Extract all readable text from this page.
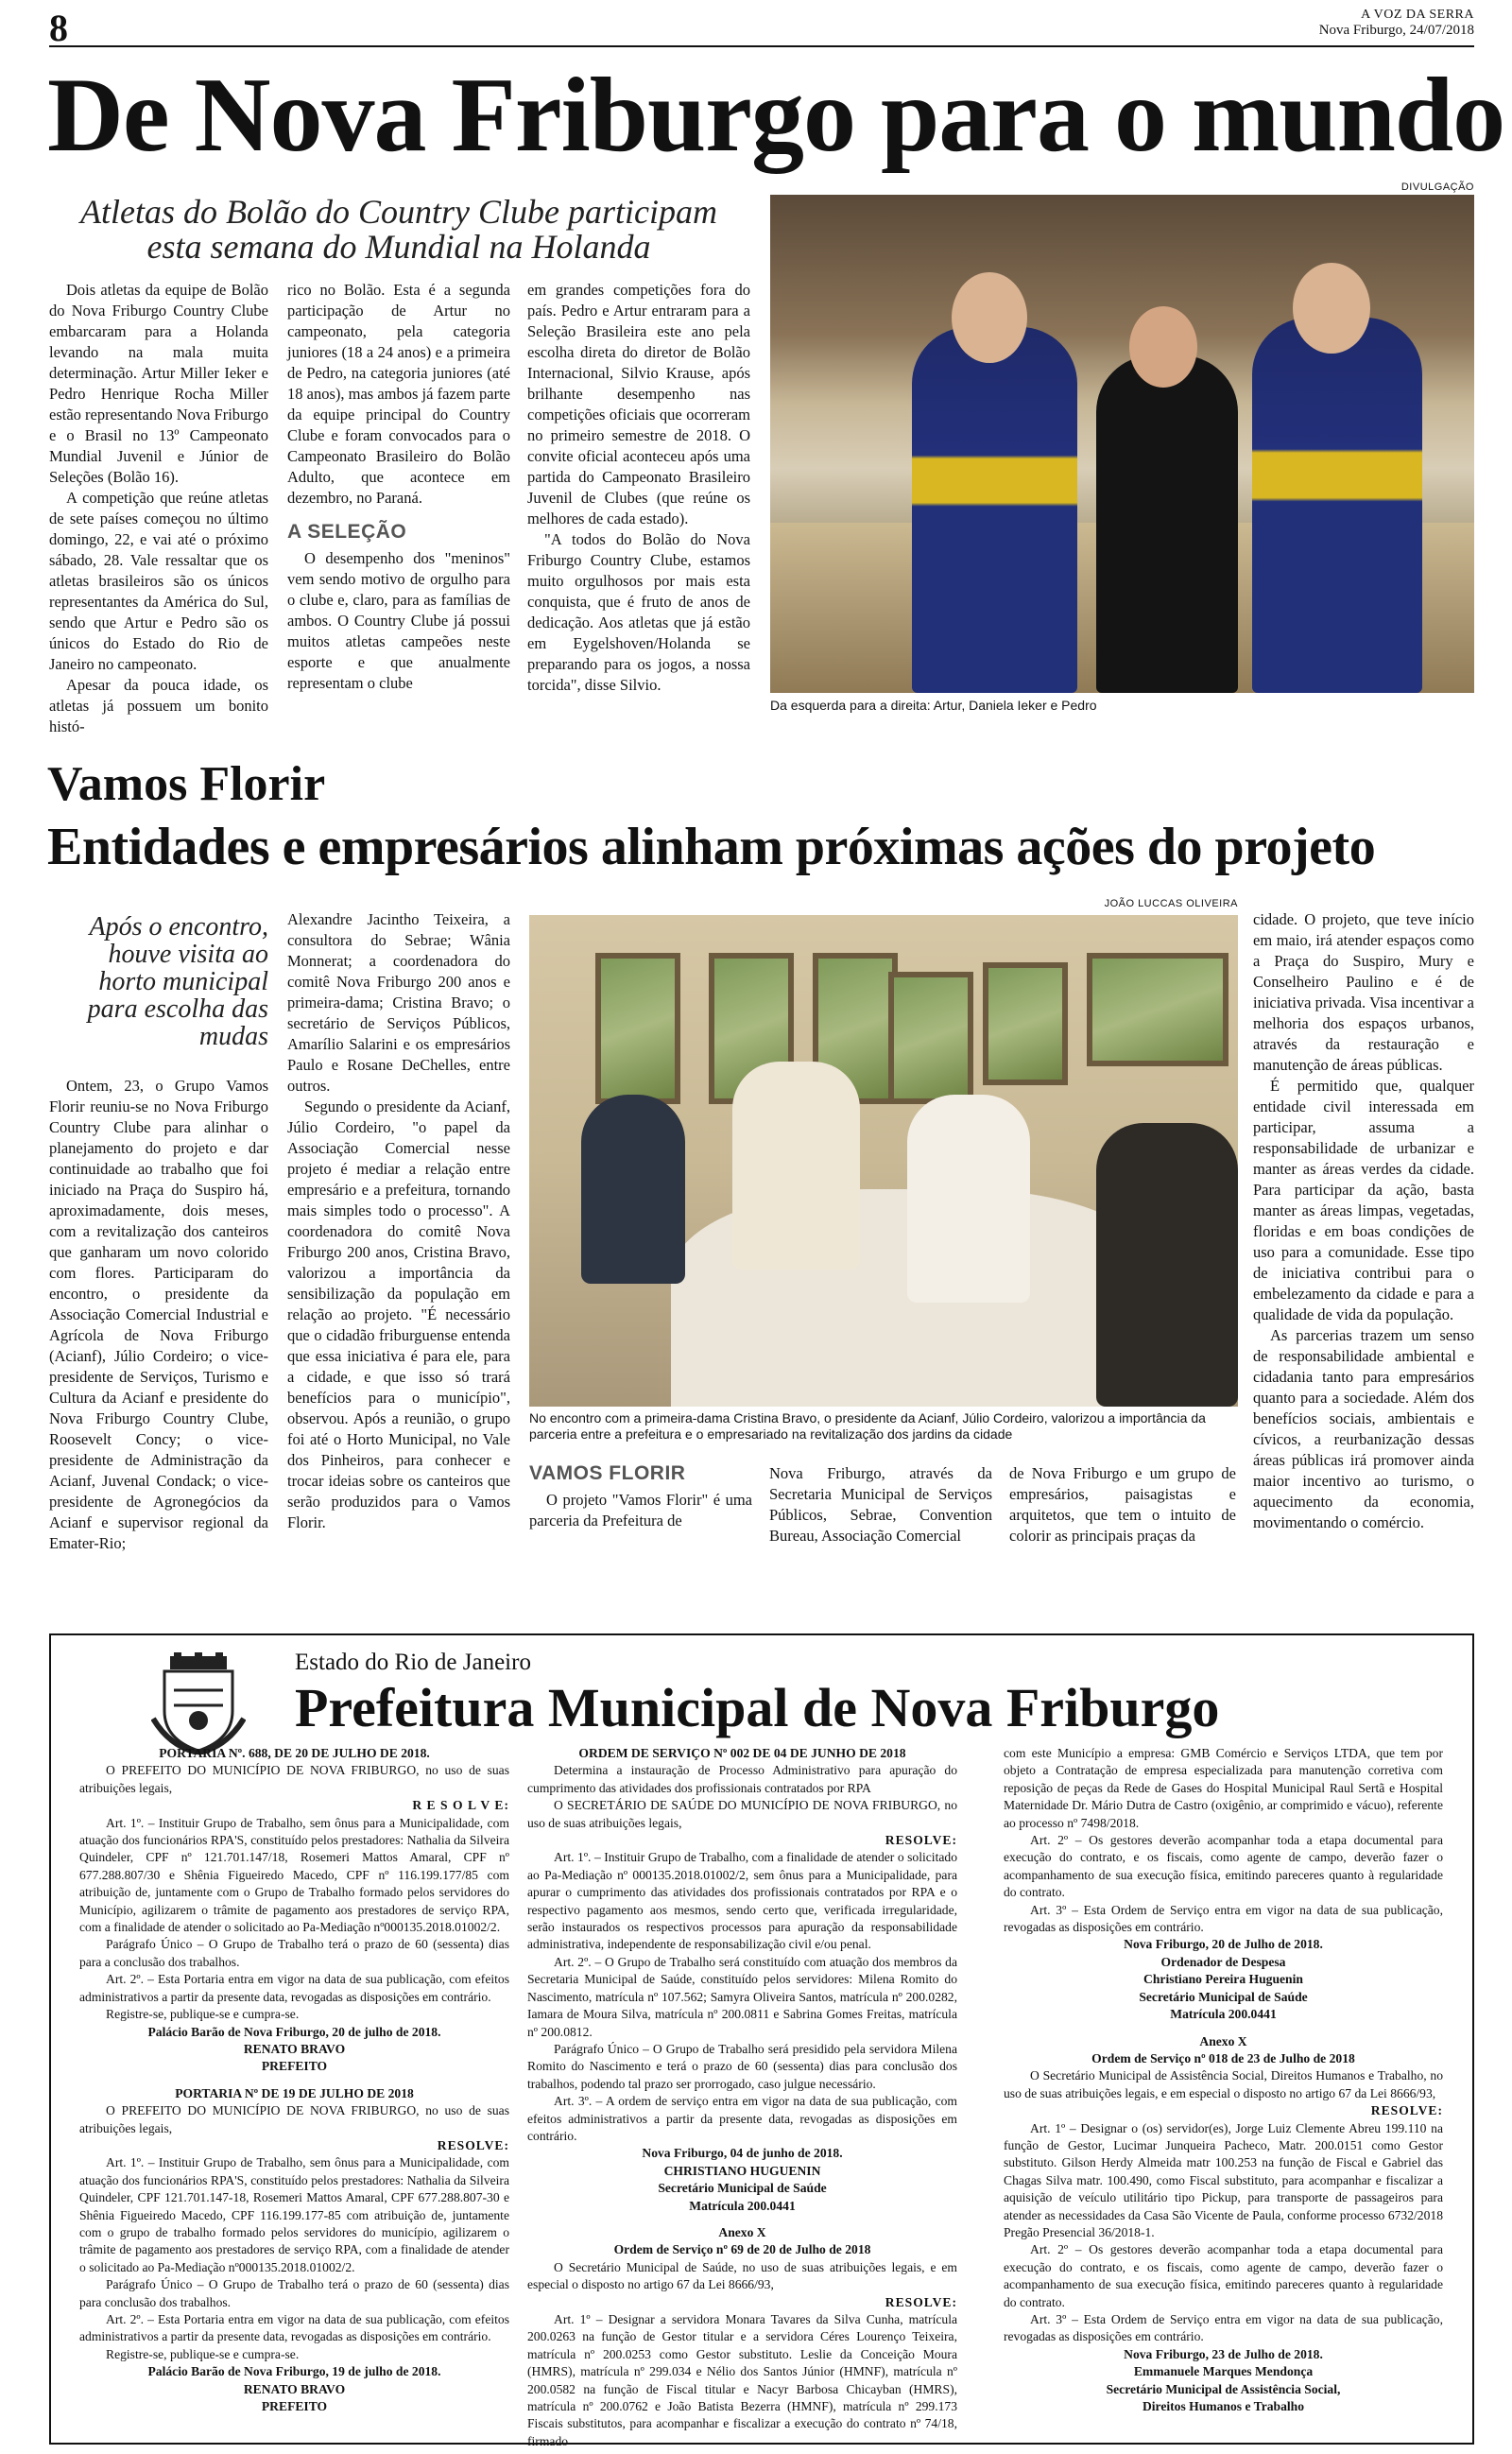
8	A VOZ DA SERRA
Nova Friburgo, 24/07/2018
De Nova Friburgo para o mundo
DIVULGAÇÃO
Atletas do Bolão do Country Clube participam esta semana do Mundial na Holanda

Dois atletas da equipe de Bolão do Nova Friburgo Country Clube embarcaram para a Holanda levando na mala muita determinação. Artur Miller Ieker e Pedro Henrique Rocha Miller estão representando Nova Friburgo e o Brasil no 13º Campeonato Mundial Juvenil e Júnior de Seleções (Bolão 16).

A competição que reúne atletas de sete países começou no último domingo, 22, e vai até o próximo sábado, 28. Vale ressaltar que os atletas brasileiros são os únicos representantes da América do Sul, sendo que Artur e Pedro são os únicos do Estado do Rio de Janeiro no campeonato.

Apesar da pouca idade, os atletas já possuem um bonito histó-

rico no Bolão. Esta é a segunda participação de Artur no campeonato, pela categoria juniores (18 a 24 anos) e a primeira de Pedro, na categoria juniores (até 18 anos), mas ambos já fazem parte da equipe principal do Country Clube e foram convocados para o Campeonato Brasileiro do Bolão Adulto, que acontece em dezembro, no Paraná.

A SELEÇÃO

O desempenho dos "meninos" vem sendo motivo de orgulho para o clube e, claro, para as famílias de ambos. O Country Clube já possui muitos atletas campeões neste esporte e que anualmente representam o clube

em grandes competições fora do país. Pedro e Artur entraram para a Seleção Brasileira este ano pela escolha direta do diretor de Bolão Internacional, Silvio Krause, após brilhante desempenho nas competições oficiais que ocorreram no primeiro semestre de 2018. O convite oficial aconteceu após uma partida do Campeonato Brasileiro Juvenil de Clubes (que reúne os melhores de cada estado).

"A todos do Bolão do Nova Friburgo Country Clube, estamos muito orgulhosos por mais esta conquista, que é fruto de anos de dedicação. Aos atletas que já estão em Eygelshoven/Holanda se preparando para os jogos, a nossa torcida", disse Silvio.

Da esquerda para a direita: Artur, Daniela Ieker e Pedro
Vamos Florir
Entidades e empresários alinham próximas ações do projeto
JOÃO LUCCAS OLIVEIRA
Após o encontro, houve visita ao horto municipal para escolha das mudas

Ontem, 23, o Grupo Vamos Florir reuniu-se no Nova Friburgo Country Clube para alinhar o planejamento do projeto e dar continuidade ao trabalho que foi iniciado na Praça do Suspiro há, aproximadamente, dois meses, com a revitalização dos canteiros que ganharam um novo colorido com flores. Participaram do encontro, o presidente da Associação Comercial Industrial e Agrícola de Nova Friburgo (Acianf), Júlio Cordeiro; o vice-presidente de Serviços, Turismo e Cultura da Acianf e presidente do Nova Friburgo Country Clube, Roosevelt Concy; o vice-presidente de Administração da Acianf, Juvenal Condack; o vice-presidente de Agronegócios da Acianf e supervisor regional da Emater-Rio;

Alexandre Jacintho Teixeira, a consultora do Sebrae; Wânia Monnerat; a coordenadora do comitê Nova Friburgo 200 anos e primeira-dama; Cristina Bravo; o secretário de Serviços Públicos, Amarílio Salarini e os empresários Paulo e Rosane DeChelles, entre outros.

Segundo o presidente da Acianf, Júlio Cordeiro, "o papel da Associação Comercial nesse projeto é mediar a relação entre empresário e a prefeitura, tornando mais simples todo o processo". A coordenadora do comitê Nova Friburgo 200 anos, Cristina Bravo, valorizou a importância da sensibilização da população em relação ao projeto. "É necessário que o cidadão friburguense entenda que essa iniciativa é para ele, para a cidade, e que isso só trará benefícios para o município", observou. Após a reunião, o grupo foi até o Horto Municipal, no Vale dos Pinheiros, para conhecer e trocar ideias sobre os canteiros que serão produzidos para o Vamos Florir.

No encontro com a primeira-dama Cristina Bravo, o presidente da Acianf, Júlio Cordeiro, valorizou a importância da parceria entre a prefeitura e o empresariado na revitalização dos jardins da cidade
VAMOS FLORIR

O projeto "Vamos Florir" é uma parceria da Prefeitura de

Nova Friburgo, através da Secretaria Municipal de Serviços Públicos, Sebrae, Convention Bureau, Associação Comercial

de Nova Friburgo e um grupo de empresários, paisagistas e arquitetos, que tem o intuito de colorir as principais praças da

cidade. O projeto, que teve início em maio, irá atender espaços como a Praça do Suspiro, Mury e Conselheiro Paulino e é de iniciativa privada. Visa incentivar a melhoria dos espaços urbanos, através da restauração e manutenção de áreas públicas.

É permitido que, qualquer entidade civil interessada em participar, assuma a responsabilidade de urbanizar e manter as áreas verdes da cidade. Para participar da ação, basta manter as áreas limpas, vegetadas, floridas e em boas condições de uso para a comunidade. Esse tipo de iniciativa contribui para o embelezamento da cidade e para a qualidade de vida da população.

As parcerias trazem um senso de responsabilidade ambiental e cidadania tanto para empresários quanto para a sociedade. Além dos benefícios sociais, ambientais e cívicos, a reurbanização dessas áreas públicas irá promover ainda maior incentivo ao turismo, o aquecimento da economia, movimentando o comércio.

Estado do Rio de Janeiro
Prefeitura Municipal de Nova Friburgo

PORTARIA Nº. 688, DE 20 DE JULHO DE 2018.

O PREFEITO DO MUNICÍPIO DE NOVA FRIBURGO, no uso de suas atribuições legais,

R E S O L V E:

Art. 1º. – Instituir Grupo de Trabalho, sem ônus para a Municipalidade, com atuação dos funcionários RPA'S, constituído pelos prestadores: Nathalia da Silveira Quindeler, CPF nº 121.701.147/18, Rosemeri Mattos Amaral, CPF nº 677.288.807/30 e Shênia Figueiredo Macedo, CPF nº 116.199.177/85 com atribuição de, juntamente com o Grupo de Trabalho formado pelos servidores do Município, agilizarem o trâmite de pagamento aos prestadores de serviço RPA, com a finalidade de atender o solicitado ao Pa-Mediação nº000135.2018.01002/2.

Parágrafo Único – O Grupo de Trabalho terá o prazo de 60 (sessenta) dias para a conclusão dos trabalhos.

Art. 2º. – Esta Portaria entra em vigor na data de sua publicação, com efeitos administrativos a partir da presente data, revogadas as disposições em contrário.

Registre-se, publique-se e cumpra-se.

Palácio Barão de Nova Friburgo, 20 de julho de 2018.

RENATO BRAVO

PREFEITO

PORTARIA Nº DE 19 DE JULHO DE 2018

O PREFEITO DO MUNICÍPIO DE NOVA FRIBURGO, no uso de suas atribuições legais,

RESOLVE:

Art. 1º. – Instituir Grupo de Trabalho, sem ônus para a Municipalidade, com atuação dos funcionários RPA'S, constituído pelos prestadores: Nathalia da Silveira Quindeler, CPF 121.701.147-18, Rosemeri Mattos Amaral, CPF 677.288.807-30 e Shênia Figueiredo Macedo, CPF 116.199.177-85 com atribuição de, juntamente com o grupo de trabalho formado pelos servidores do município, agilizarem o trâmite de pagamento aos prestadores de serviço RPA, com a finalidade de atender o solicitado ao Pa-Mediação nº000135.2018.01002/2.

Parágrafo Único – O Grupo de Trabalho terá o prazo de 60 (sessenta) dias para conclusão dos trabalhos.

Art. 2º. – Esta Portaria entra em vigor na data de sua publicação, com efeitos administrativos a partir da presente data, revogadas as disposições em contrário.

Registre-se, publique-se e cumpra-se.

Palácio Barão de Nova Friburgo, 19 de julho de 2018.

RENATO BRAVO

PREFEITO

ORDEM DE SERVIÇO Nº 002 DE 04 DE JUNHO DE 2018

Determina a instauração de Processo Administrativo para apuração do cumprimento das atividades dos profissionais contratados por RPA

O SECRETÁRIO DE SAÚDE DO MUNICÍPIO DE NOVA FRIBURGO, no uso de suas atribuições legais,

RESOLVE:

Art. 1º. – Instituir Grupo de Trabalho, com a finalidade de atender o solicitado ao Pa-Mediação nº 000135.2018.01002/2, sem ônus para a Municipalidade, para apurar o cumprimento das atividades dos profissionais contratados por RPA e o respectivo pagamento aos mesmos, sendo certo que, verificada irregularidade, serão instaurados os respectivos processos para apuração da responsabilidade administrativa, independente de responsabilização civil e/ou penal.

Art. 2º. – O Grupo de Trabalho será constituído com atuação dos membros da Secretaria Municipal de Saúde, constituído pelos servidores: Milena Romito do Nascimento, matrícula nº 107.562; Samyra Oliveira Santos, matrícula nº 200.0282, Iamara de Moura Silva, matrícula nº 200.0811 e Sabrina Gomes Freitas, matrícula nº 200.0812.

Parágrafo Único – O Grupo de Trabalho será presidido pela servidora Milena Romito do Nascimento e terá o prazo de 60 (sessenta) dias para conclusão dos trabalhos, podendo tal prazo ser prorrogado, caso julgue necessário.

Art. 3º. – A ordem de serviço entra em vigor na data de sua publicação, com efeitos administrativos a partir da presente data, revogadas as disposições em contrário.

Nova Friburgo, 04 de junho de 2018.

CHRISTIANO HUGUENIN

Secretário Municipal de Saúde

Matrícula 200.0441

Anexo X

Ordem de Serviço nº 69 de 20 de Julho de 2018

O Secretário Municipal de Saúde, no uso de suas atribuições legais, e em especial o disposto no artigo 67 da Lei 8666/93,

RESOLVE:

Art. 1º – Designar a servidora Monara Tavares da Silva Cunha, matrícula 200.0263 na função de Gestor titular e a servidora Céres Lourenço Teixeira, matrícula nº 200.0253 como Gestor substituto. Leslie da Conceição Moura (HMRS), matrícula nº 299.034 e Nélio dos Santos Júnior (HMNF), matrícula nº 200.0582 na função de Fiscal titular e Nacyr Barbosa Chicayban (HMRS), matrícula nº 200.0762 e João Batista Bezerra (HMNF), matrícula nº 299.173 Fiscais substitutos, para acompanhar e fiscalizar a execução do contrato nº 74/18, firmado

com este Município a empresa: GMB Comércio e Serviços LTDA, que tem por objeto a Contratação de empresa especializada para manutenção corretiva com reposição de peças da Rede de Gases do Hospital Municipal Raul Sertã e Hospital Maternidade Dr. Mário Dutra de Castro (oxigênio, ar comprimido e vácuo), referente ao processo nº 7498/2018.

Art. 2º – Os gestores deverão acompanhar toda a etapa documental para execução do contrato, e os fiscais, como agente de campo, deverão fazer o acompanhamento de sua execução física, emitindo pareceres quanto à regularidade do contrato.

Art. 3º – Esta Ordem de Serviço entra em vigor na data de sua publicação, revogadas as disposições em contrário.

Nova Friburgo, 20 de Julho de 2018.

Ordenador de Despesa

Christiano Pereira Huguenin

Secretário Municipal de Saúde

Matrícula 200.0441

Anexo X

Ordem de Serviço nº 018 de 23 de Julho de 2018

O Secretário Municipal de Assistência Social, Direitos Humanos e Trabalho, no uso de suas atribuições legais, e em especial o disposto no artigo 67 da Lei 8666/93,

RESOLVE:

Art. 1º – Designar o (os) servidor(es), Jorge Luiz Clemente Abreu 199.110 na função de Gestor, Lucimar Junqueira Pacheco, Matr. 200.0151 como Gestor substituto. Gilson Herdy Almeida matr 100.253 na função de Fiscal e Gabriel das Chagas Silva matr. 100.490, como Fiscal substituto, para acompanhar e fiscalizar a aquisição de veículo utilitário tipo Pickup, para transporte de passageiros para atender as necessidades da Casa São Vicente de Paula, conforme processo 6732/2018 Pregão Presencial 36/2018-1.

Art. 2º – Os gestores deverão acompanhar toda a etapa documental para execução do contrato, e os fiscais, como agente de campo, deverão fazer o acompanhamento de sua execução física, emitindo pareceres quanto à regularidade do contrato.

Art. 3º – Esta Ordem de Serviço entra em vigor na data de sua publicação, revogadas as disposições em contrário.

Nova Friburgo, 23 de Julho de 2018.

Emmanuele Marques Mendonça

Secretário Municipal de Assistência Social,

Direitos Humanos e Trabalho
